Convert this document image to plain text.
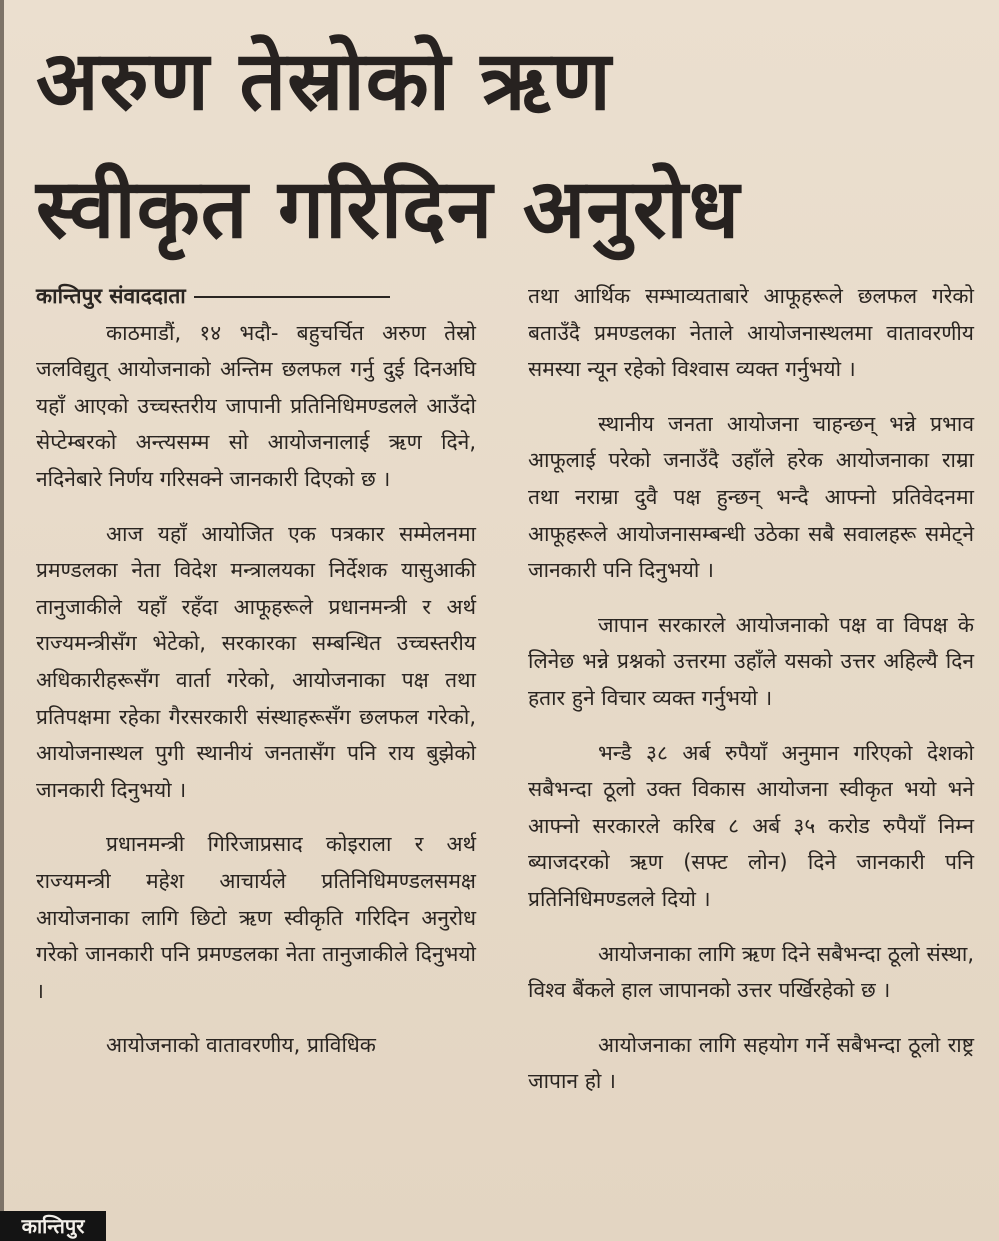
अरुण तेस्रोको ऋण
स्वीकृत गरिदिन अनुरोध
कान्तिपुर संवाददाता

काठमाडौं, १४ भदौ- बहुचर्चित अरुण तेस्रो जलविद्युत् आयोजनाको अन्तिम छलफल गर्नु दुई दिनअघि यहाँ आएको उच्चस्तरीय जापानी प्रतिनिधिमण्डलले आउँदो सेप्टेम्बरको अन्त्यसम्म सो आयोजनालाई ऋण दिने, नदिनेबारे निर्णय गरिसक्ने जानकारी दिएको छ ।

आज यहाँ आयोजित एक पत्रकार सम्मेलनमा प्रमण्डलका नेता विदेश मन्त्रालयका निर्देशक यासुआकी तानुजाकीले यहाँ रहँदा आफूहरूले प्रधानमन्त्री र अर्थ राज्यमन्त्रीसँग भेटेको, सरकारका सम्बन्धित उच्चस्तरीय अधिकारीहरूसँग वार्ता गरेको, आयोजनाका पक्ष तथा प्रतिपक्षमा रहेका गैरसरकारी संस्थाहरूसँग छलफल गरेको, आयोजनास्थल पुगी स्थानीयं जनतासँग पनि राय बुझेको जानकारी दिनुभयो ।

प्रधानमन्त्री गिरिजाप्रसाद कोइराला र अर्थ राज्यमन्त्री महेश आचार्यले प्रतिनिधिमण्डलसमक्ष आयोजनाका लागि छिटो ऋण स्वीकृति गरिदिन अनुरोध गरेको जानकारी पनि प्रमण्डलका नेता तानुजाकीले दिनुभयो ।

आयोजनाको वातावरणीय, प्राविधिक

तथा आर्थिक सम्भाव्यताबारे आफूहरूले छलफल गरेको बताउँदै प्रमण्डलका नेताले आयोजनास्थलमा वातावरणीय समस्या न्यून रहेको विश्वास व्यक्त गर्नुभयो ।

स्थानीय जनता आयोजना चाहन्छन् भन्ने प्रभाव आफूलाई परेको जनाउँदै उहाँले हरेक आयोजनाका राम्रा तथा नराम्रा दुवै पक्ष हुन्छन् भन्दै आफ्नो प्रतिवेदनमा आफूहरूले आयोजनासम्बन्धी उठेका सबै सवालहरू समेट्ने जानकारी पनि दिनुभयो ।

जापान सरकारले आयोजनाको पक्ष वा विपक्ष के लिनेछ भन्ने प्रश्नको उत्तरमा उहाँले यसको उत्तर अहिल्यै दिन हतार हुने विचार व्यक्त गर्नुभयो ।

भन्डै ३८ अर्ब रुपैयाँ अनुमान गरिएको देशको सबैभन्दा ठूलो उक्त विकास आयोजना स्वीकृत भयो भने आफ्नो सरकारले करिब ८ अर्ब ३५ करोड रुपैयाँ निम्न ब्याजदरको ऋण (सफ्ट लोन) दिने जानकारी पनि प्रतिनिधिमण्डलले दियो ।

आयोजनाका लागि ऋण दिने सबैभन्दा ठूलो संस्था, विश्व बैंकले हाल जापानको उत्तर पर्खिरहेको छ ।

आयोजनाका लागि सहयोग गर्ने सबैभन्दा ठूलो राष्ट्र जापान हो ।

कान्तिपुर
